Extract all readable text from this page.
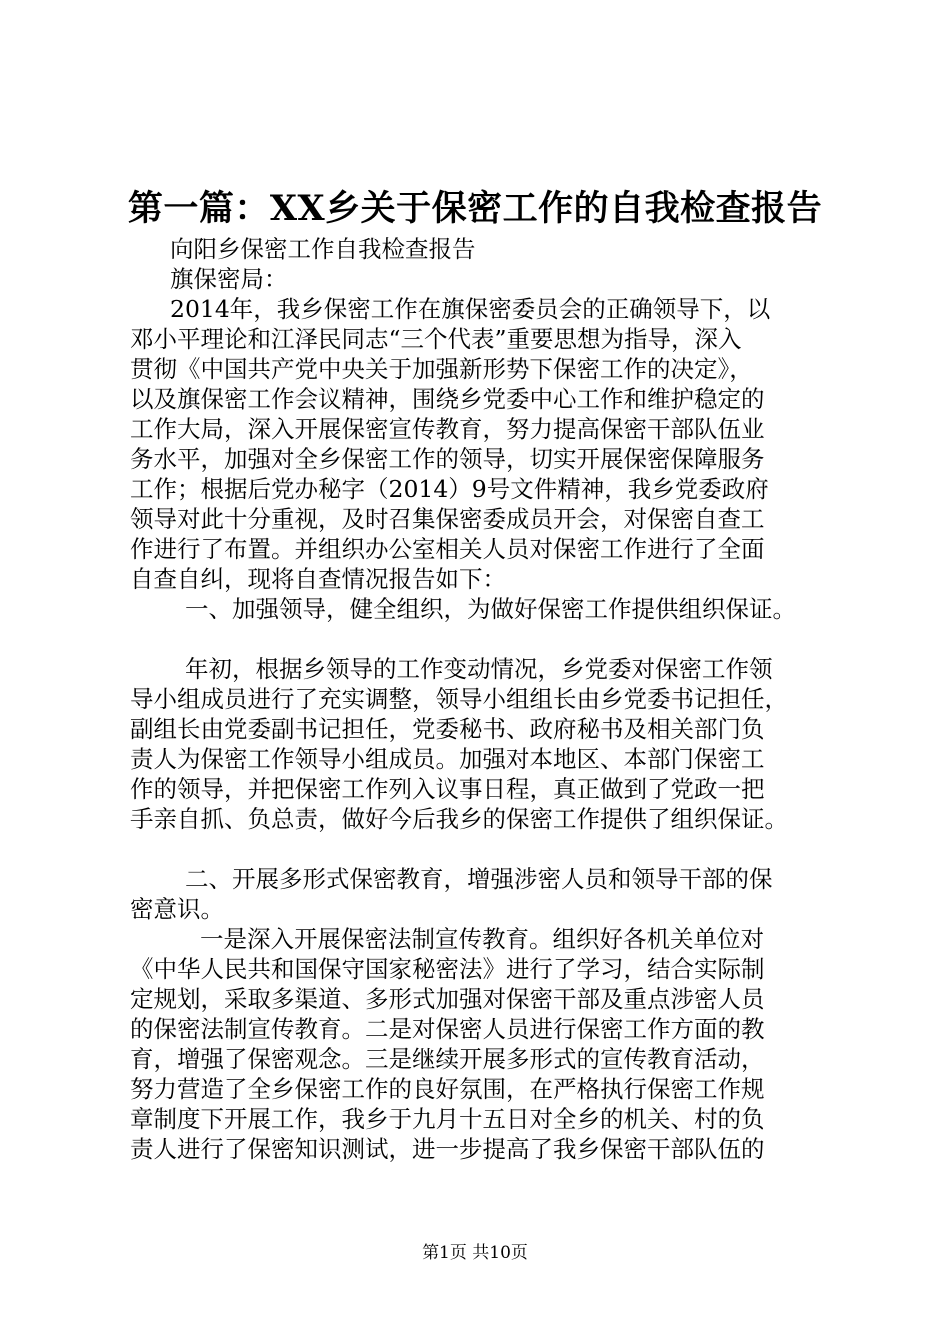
第一篇：XX乡关于保密工作的自我检查报告
向阳乡保密工作自我检查报告
旗保密局：
2014年，我乡保密工作在旗保密委员会的正确领导下，以
邓小平理论和江泽民同志“三个代表”重要思想为指导，深入
贯彻《中国共产党中央关于加强新形势下保密工作的决定》，
以及旗保密工作会议精神，围绕乡党委中心工作和维护稳定的
工作大局，深入开展保密宣传教育，努力提高保密干部队伍业
务水平，加强对全乡保密工作的领导，切实开展保密保障服务
工作；根据后党办秘字（2014）9号文件精神，我乡党委政府
领导对此十分重视，及时召集保密委成员开会，对保密自查工
作进行了布置。并组织办公室相关人员对保密工作进行了全面
自查自纠，现将自查情况报告如下：
一、加强领导，健全组织，为做好保密工作提供组织保证。
年初，根据乡领导的工作变动情况，乡党委对保密工作领
导小组成员进行了充实调整，领导小组组长由乡党委书记担任，
副组长由党委副书记担任，党委秘书、政府秘书及相关部门负
责人为保密工作领导小组成员。加强对本地区、本部门保密工
作的领导，并把保密工作列入议事日程，真正做到了党政一把
手亲自抓、负总责，做好今后我乡的保密工作提供了组织保证。
二、开展多形式保密教育，增强涉密人员和领导干部的保
密意识。
一是深入开展保密法制宣传教育。组织好各机关单位对
《中华人民共和国保守国家秘密法》进行了学习，结合实际制
定规划，采取多渠道、多形式加强对保密干部及重点涉密人员
的保密法制宣传教育。二是对保密人员进行保密工作方面的教
育，增强了保密观念。三是继续开展多形式的宣传教育活动，
努力营造了全乡保密工作的良好氛围，在严格执行保密工作规
章制度下开展工作，我乡于九月十五日对全乡的机关、村的负
责人进行了保密知识测试，进一步提高了我乡保密干部队伍的
第1页 共10页
